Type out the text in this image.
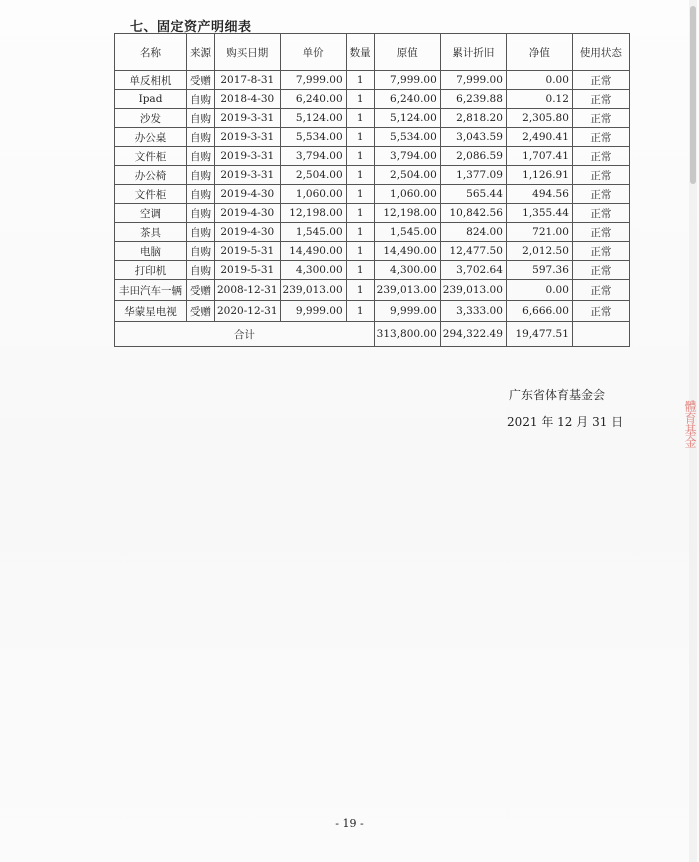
七、固定资产明细表
名称	来源	购买日期	单价	数量	原值	累计折旧	净值	使用状态
单反相机	受赠	2017-8-31	7,999.00	1	7,999.00	7,999.00	0.00	正常
Ipad	自购	2018-4-30	6,240.00	1	6,240.00	6,239.88	0.12	正常
沙发	自购	2019-3-31	5,124.00	1	5,124.00	2,818.20	2,305.80	正常
办公桌	自购	2019-3-31	5,534.00	1	5,534.00	3,043.59	2,490.41	正常
文件柜	自购	2019-3-31	3,794.00	1	3,794.00	2,086.59	1,707.41	正常
办公椅	自购	2019-3-31	2,504.00	1	2,504.00	1,377.09	1,126.91	正常
文件柜	自购	2019-4-30	1,060.00	1	1,060.00	565.44	494.56	正常
空调	自购	2019-4-30	12,198.00	1	12,198.00	10,842.56	1,355.44	正常
茶具	自购	2019-4-30	1,545.00	1	1,545.00	824.00	721.00	正常
电脑	自购	2019-5-31	14,490.00	1	14,490.00	12,477.50	2,012.50	正常
打印机	自购	2019-5-31	4,300.00	1	4,300.00	3,702.64	597.36	正常
丰田汽车一辆	受赠	2008-12-31	239,013.00	1	239,013.00	239,013.00	0.00	正常
华蒙星电视	受赠	2020-12-31	9,999.00	1	9,999.00	3,333.00	6,666.00	正常
合计					313,800.00	294,322.49	19,477.51	
广东省体育基金会
2021 年 12 月 31 日	體育基金
- 19 -
